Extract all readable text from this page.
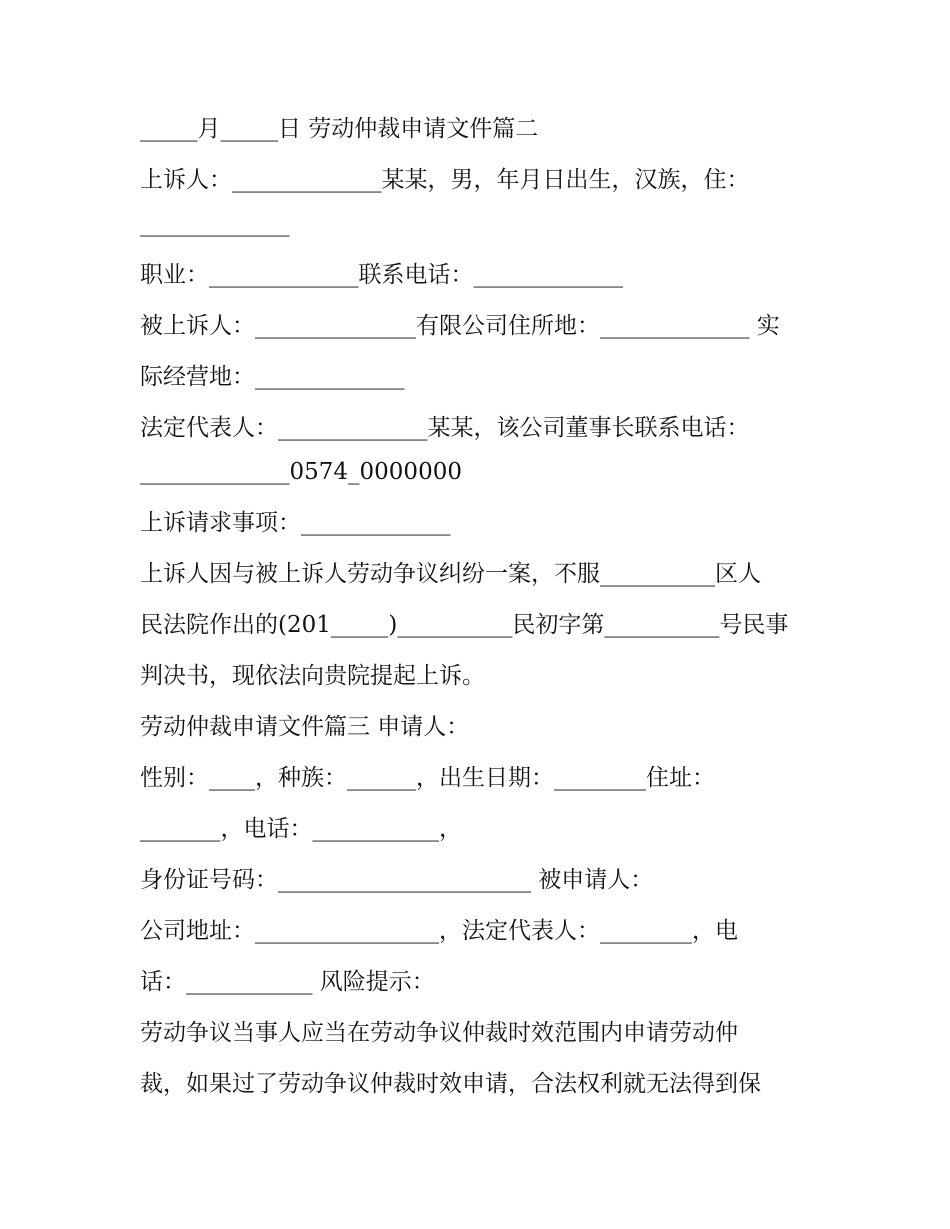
_____月_____日 劳动仲裁申请文件篇二
上诉人：_____________某某，男，年月日出生，汉族，住：
_____________
职业：_____________联系电话：_____________
被上诉人：______________有限公司住所地：_____________ 实
际经营地：_____________
法定代表人：_____________某某，该公司董事长联系电话：
_____________0574_0000000
上诉请求事项：_____________
上诉人因与被上诉人劳动争议纠纷一案，不服__________区人
民法院作出的(201_____)__________民初字第__________号民事
判决书，现依法向贵院提起上诉。
劳动仲裁申请文件篇三 申请人：
性别：____，种族：______，出生日期：________住址：
_______，电话：___________，
身份证号码：______________________ 被申请人：
公司地址：________________，法定代表人：________，电
话：___________ 风险提示：
劳动争议当事人应当在劳动争议仲裁时效范围内申请劳动仲
裁，如果过了劳动争议仲裁时效申请，合法权利就无法得到保
